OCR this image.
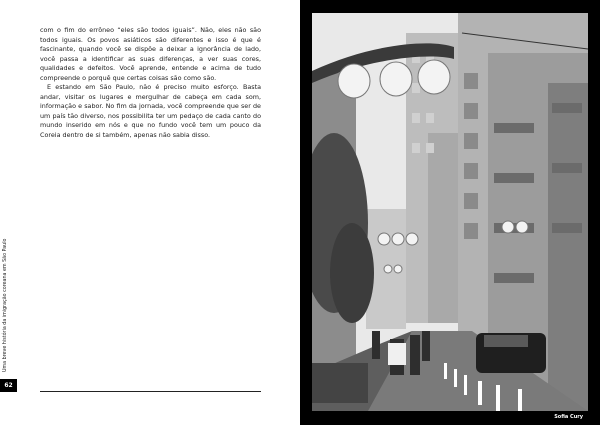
com o fim do errôneo “eles são todos iguais”. Não, eles não são todos iguais. Os povos asiáticos são diferentes e isso é que é fascinante, quando você se dispõe a deixar a ignorância de lado, você passa a identificar as suas diferenças, a ver suas cores, qualidades e defeitos. Você aprende, entende e acima de tudo compreende o porquê que certas coisas são como são.

E estando em São Paulo, não é preciso muito esforço. Basta andar, visitar os lugares e mergulhar de cabeça em cada som, informação e sabor. No fim da jornada, você compreende que ser de um país tão diverso, nos possibilita ter um pedaço de cada canto do mundo inserido em nós e que no fundo você tem um pouco da Coreia dentro de si também, apenas não sabia disso.

Uma breve história da imigração coreana em São Paulo
62
Sofia Cury
